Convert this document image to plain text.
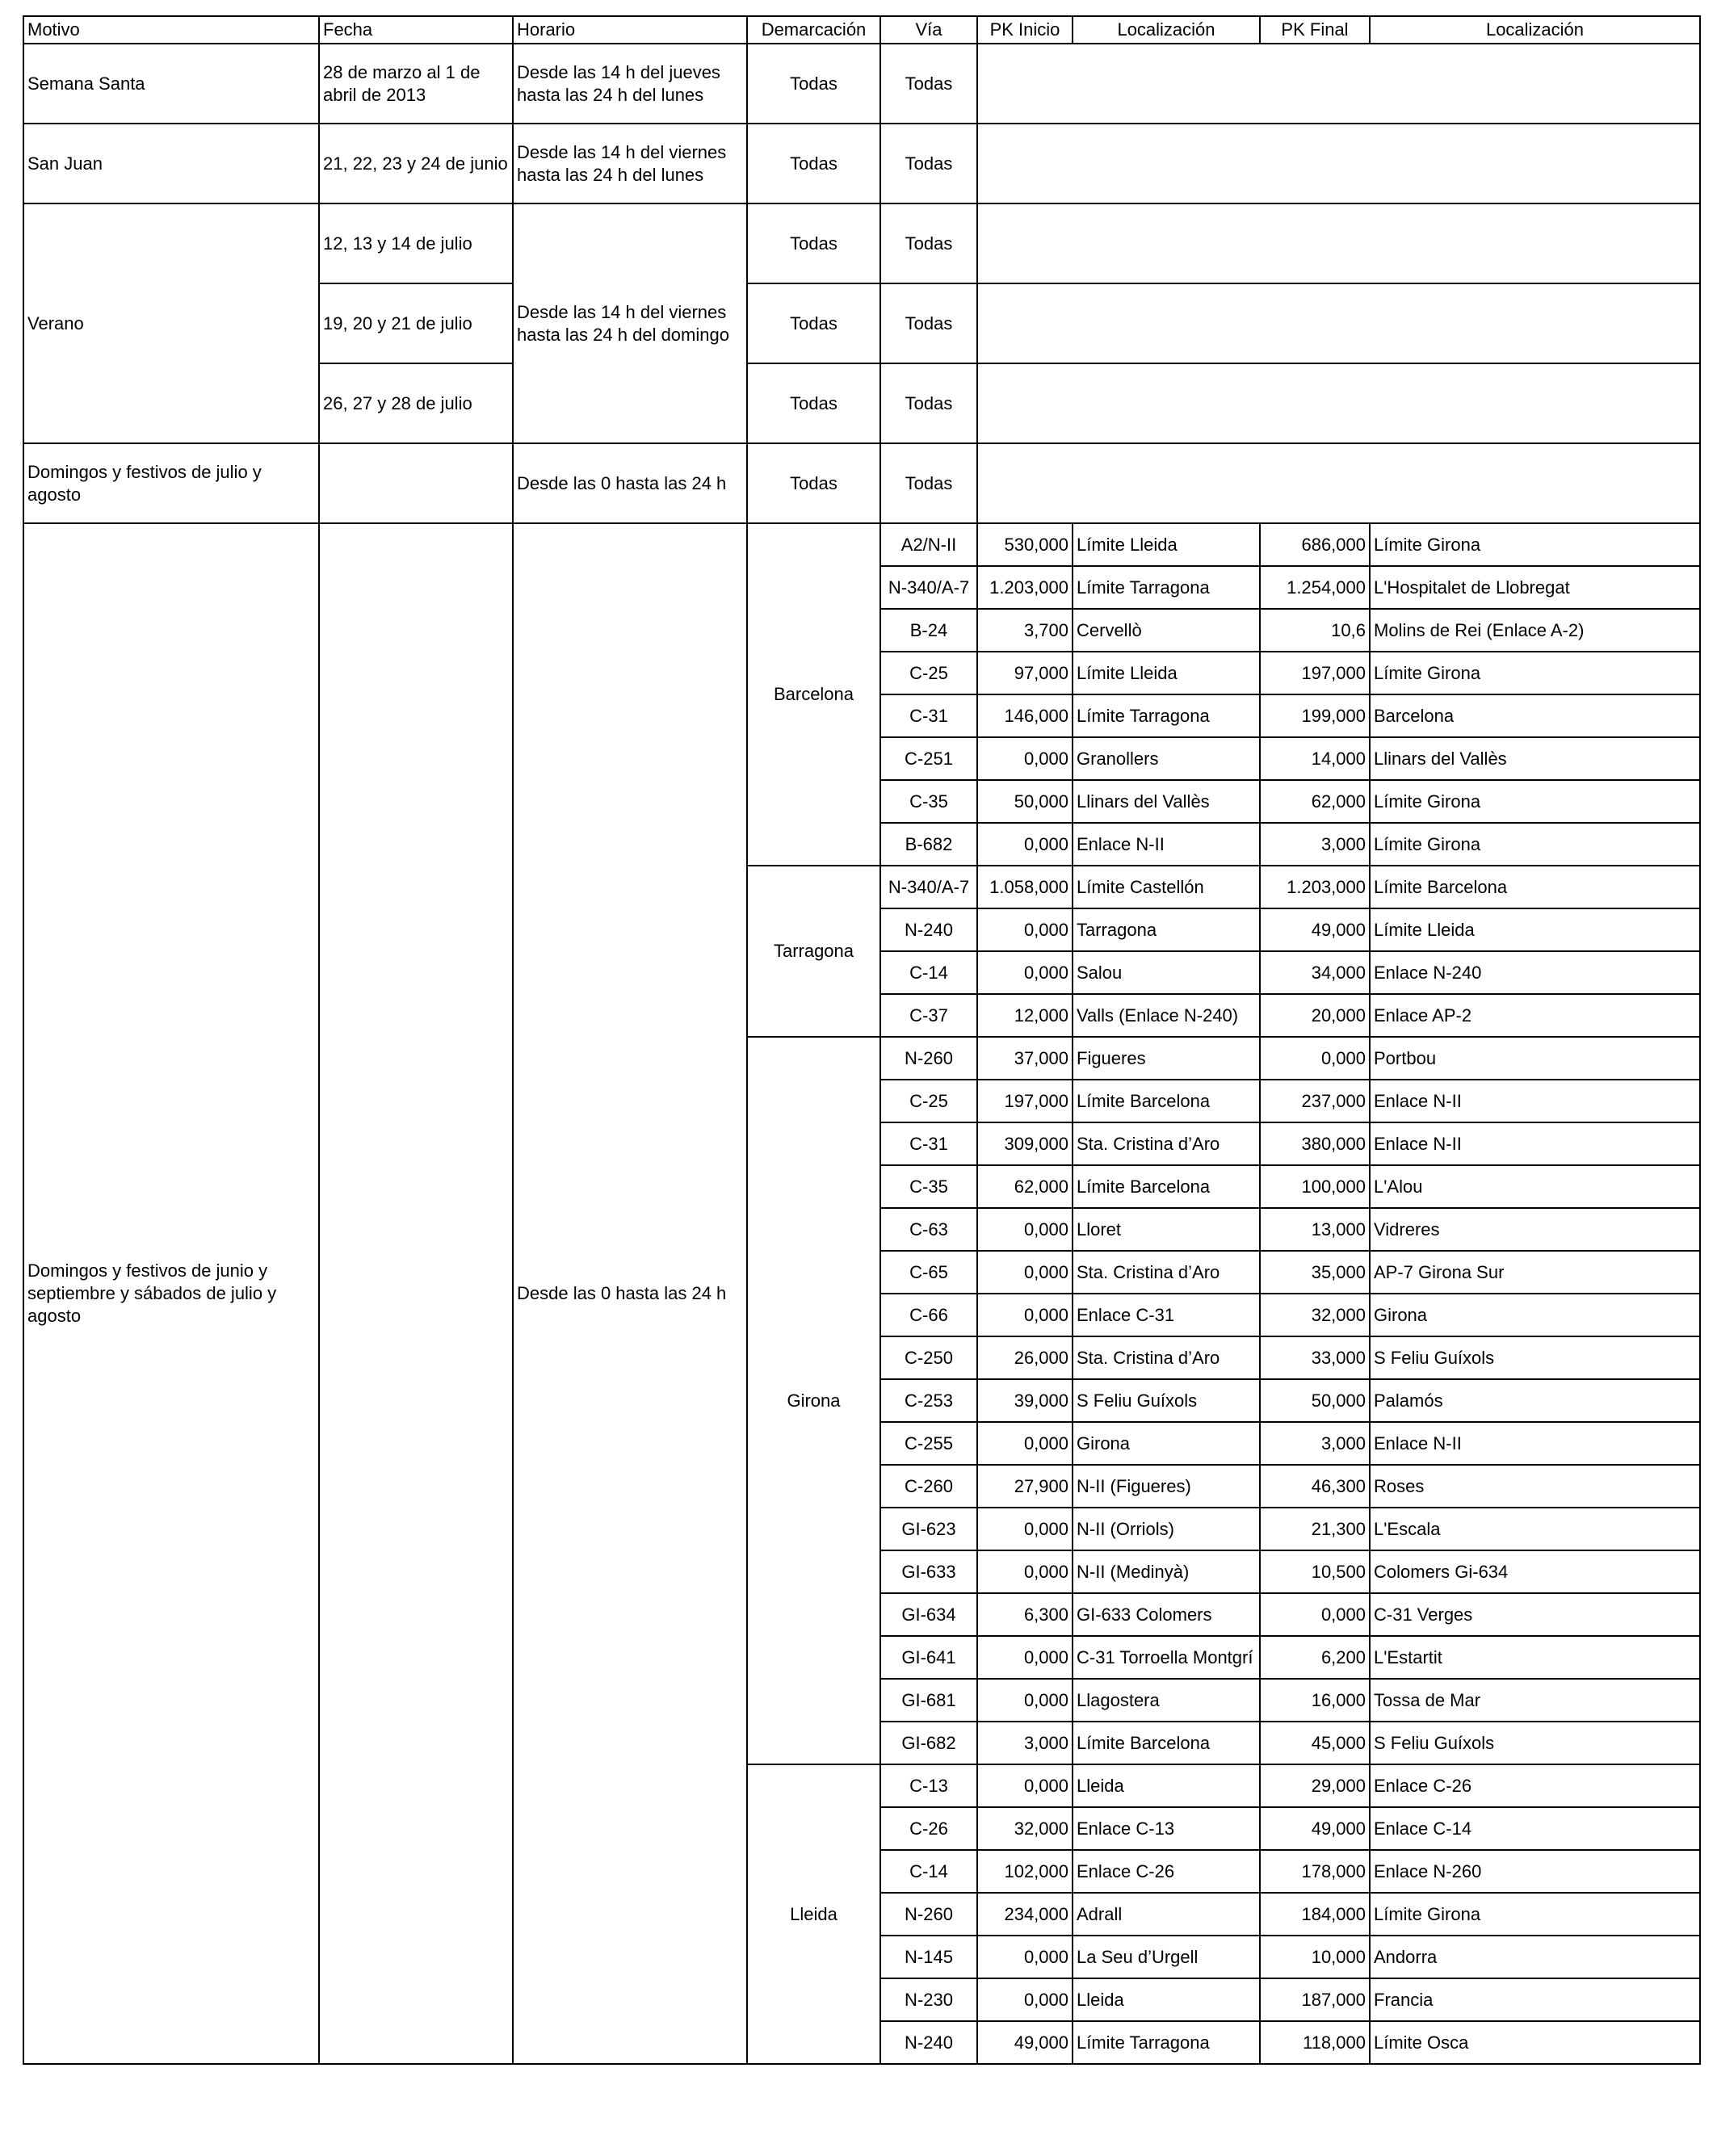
Motivo	Fecha	Horario	Demarcación	Vía	PK Inicio	Localización	PK Final	Localización
Semana Santa	28 de marzo al 1 de abril de 2013	Desde las 14 h del jueves hasta las 24 h del lunes	Todas	Todas				
San Juan	21, 22, 23 y 24 de junio	Desde las 14 h del viernes hasta las 24 h del lunes	Todas	Todas				
Verano	12, 13 y 14 de julio	Desde las 14 h del viernes hasta las 24 h del domingo	Todas	Todas				
	19, 20 y 21 de julio		Todas	Todas				
	26, 27 y 28 de julio		Todas	Todas				
Domingos y festivos de julio y agosto		Desde las 0 hasta las 24 h	Todas	Todas				
Domingos y festivos de junio y septiembre y sábados de julio y agosto		Desde las 0 hasta las 24 h	Barcelona	A2/N-II	530,000	Límite Lleida	686,000	Límite Girona
				N-340/A-7	1.203,000	Límite Tarragona	1.254,000	L'Hospitalet de Llobregat
				B-24	3,700	Cervellò	10,6	Molins de Rei (Enlace A-2)
				C-25	97,000	Límite Lleida	197,000	Límite Girona
				C-31	146,000	Límite Tarragona	199,000	Barcelona
				C-251	0,000	Granollers	14,000	Llinars del Vallès
				C-35	50,000	Llinars del Vallès	62,000	Límite Girona
				B-682	0,000	Enlace N-II	3,000	Límite Girona
			Tarragona	N-340/A-7	1.058,000	Límite Castellón	1.203,000	Límite Barcelona
				N-240	0,000	Tarragona	49,000	Límite Lleida
				C-14	0,000	Salou	34,000	Enlace N-240
				C-37	12,000	Valls (Enlace N-240)	20,000	Enlace AP-2
			Girona	N-260	37,000	Figueres	0,000	Portbou
				C-25	197,000	Límite Barcelona	237,000	Enlace N-II
				C-31	309,000	Sta. Cristina d’Aro	380,000	Enlace N-II
				C-35	62,000	Límite Barcelona	100,000	L'Alou
				C-63	0,000	Lloret	13,000	Vidreres
				C-65	0,000	Sta. Cristina d’Aro	35,000	AP-7 Girona Sur
				C-66	0,000	Enlace C-31	32,000	Girona
				C-250	26,000	Sta. Cristina d’Aro	33,000	S Feliu Guíxols
				C-253	39,000	S Feliu Guíxols	50,000	Palamós
				C-255	0,000	Girona	3,000	Enlace N-II
				C-260	27,900	N-II (Figueres)	46,300	Roses
				GI-623	0,000	N-II (Orriols)	21,300	L'Escala
				GI-633	0,000	N-II (Medinyà)	10,500	Colomers Gi-634
				GI-634	6,300	GI-633 Colomers	0,000	C-31 Verges
				GI-641	0,000	C-31 Torroella Montgrí	6,200	L'Estartit
				GI-681	0,000	Llagostera	16,000	Tossa de Mar
				GI-682	3,000	Límite Barcelona	45,000	S Feliu Guíxols
			Lleida	C-13	0,000	Lleida	29,000	Enlace C-26
				C-26	32,000	Enlace C-13	49,000	Enlace C-14
				C-14	102,000	Enlace C-26	178,000	Enlace N-260
				N-260	234,000	Adrall	184,000	Límite Girona
				N-145	0,000	La Seu d’Urgell	10,000	Andorra
				N-230	0,000	Lleida	187,000	Francia
				N-240	49,000	Límite Tarragona	118,000	Límite Osca
